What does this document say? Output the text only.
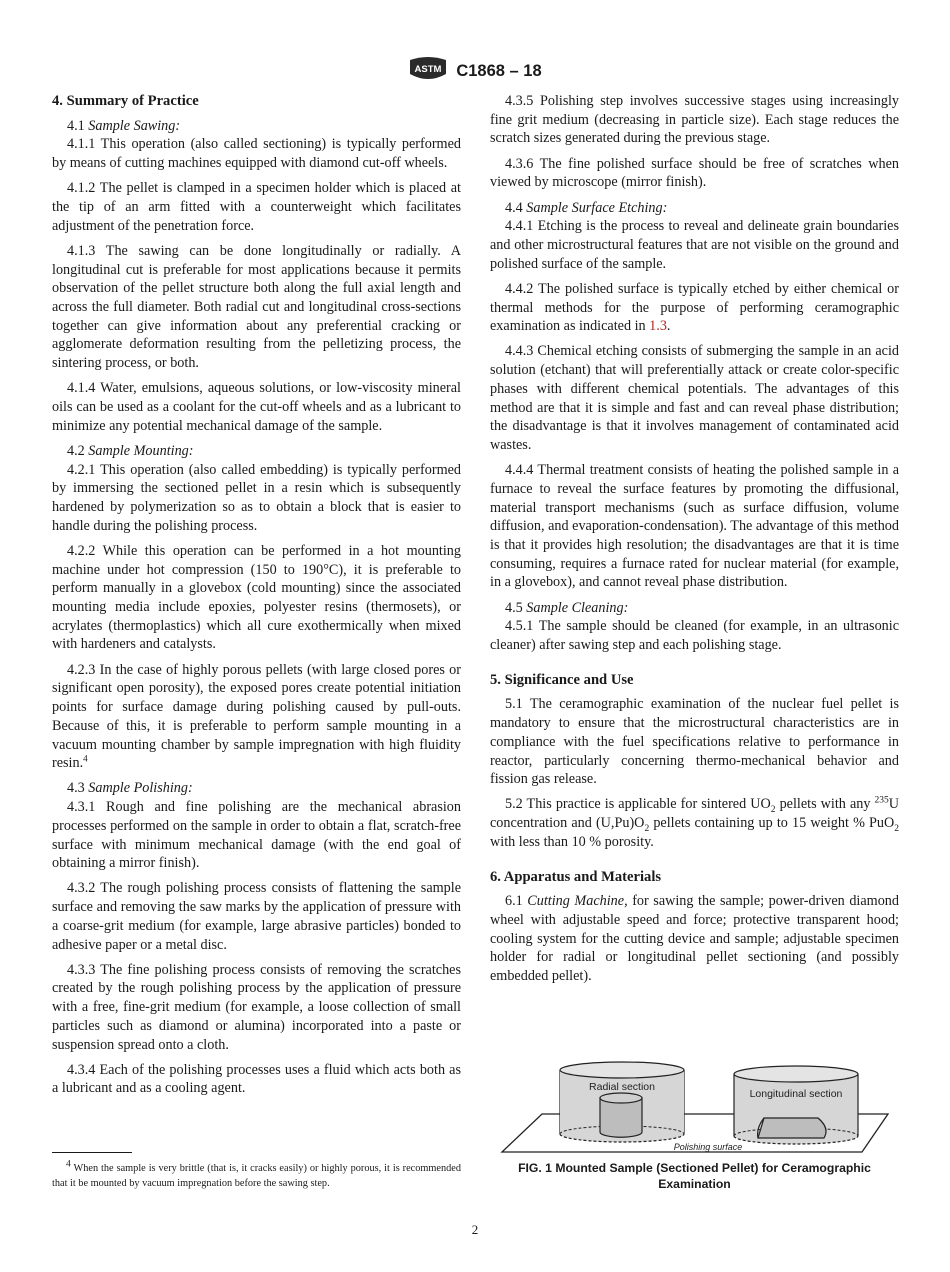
ASTM C1868 – 18
4. Summary of Practice

4.1 Sample Sawing:

4.1.1 This operation (also called sectioning) is typically performed by means of cutting machines equipped with diamond cut-off wheels.

4.1.2 The pellet is clamped in a specimen holder which is placed at the tip of an arm fitted with a counterweight which facilitates adjustment of the penetration force.

4.1.3 The sawing can be done longitudinally or radially. A longitudinal cut is preferable for most applications because it permits observation of the pellet structure both along the full axial length and across the full diameter. Both radial cut and longitudinal cross-sections together can give information about any preferential cracking or agglomerate deformation resulting from the pelletizing process, the sintering process, or both.

4.1.4 Water, emulsions, aqueous solutions, or low-viscosity mineral oils can be used as a coolant for the cut-off wheels and as a lubricant to minimize any potential mechanical damage of the sample.

4.2 Sample Mounting:

4.2.1 This operation (also called embedding) is typically performed by immersing the sectioned pellet in a resin which is subsequently hardened by polymerization so as to obtain a block that is easier to handle during the polishing process.

4.2.2 While this operation can be performed in a hot mounting machine under hot compression (150 to 190°C), it is preferable to perform manually in a glovebox (cold mounting) since the associated mounting media include epoxies, polyester resins (thermosets), or acrylates (thermoplastics) which all cure exothermically when mixed with hardeners and catalysts.

4.2.3 In the case of highly porous pellets (with large closed pores or significant open porosity), the exposed pores create potential initiation points for surface damage during polishing caused by pull-outs. Because of this, it is preferable to perform sample mounting in a vacuum mounting chamber by sample impregnation with high fluidity resin.$^4$

4.3 Sample Polishing:

4.3.1 Rough and fine polishing are the mechanical abrasion processes performed on the sample in order to obtain a flat, scratch-free surface with minimum mechanical damage (with the end goal of obtaining a mirror finish).

4.3.2 The rough polishing process consists of flattening the sample surface and removing the saw marks by the application of pressure with a coarse-grit medium (for example, large abrasive particles) bonded to adhesive paper or a metal disc.

4.3.3 The fine polishing process consists of removing the scratches created by the rough polishing process by the application of pressure with a free, fine-grit medium (for example, a loose collection of small particles such as diamond or alumina) incorporated into a paste or suspension spread onto a cloth.

4.3.4 Each of the polishing processes uses a fluid which acts both as a lubricant and as a cooling agent.

4.3.5 Polishing step involves successive stages using increasingly fine grit medium (decreasing in particle size). Each stage reduces the scratch sizes generated during the previous stage.

4.3.6 The fine polished surface should be free of scratches when viewed by microscope (mirror finish).

4.4 Sample Surface Etching:

4.4.1 Etching is the process to reveal and delineate grain boundaries and other microstructural features that are not visible on the ground and polished surface of the sample.

4.4.2 The polished surface is typically etched by either chemical or thermal methods for the purpose of performing ceramographic examination as indicated in 1.3.

4.4.3 Chemical etching consists of submerging the sample in an acid solution (etchant) that will preferentially attack or create color-specific phases with different chemical potentials. The advantages of this method are that it is simple and fast and can reveal phase distribution; the disadvantage is that it involves management of contaminated acid wastes.

4.4.4 Thermal treatment consists of heating the polished sample in a furnace to reveal the surface features by promoting the diffusional, material transport mechanisms (such as surface diffusion, volume diffusion, and evaporation-condensation). The advantage of this method is that it provides high resolution; the disadvantages are that it is time consuming, requires a furnace rated for nuclear material (for example, in a glovebox), and cannot reveal phase distribution.

4.5 Sample Cleaning:

4.5.1 The sample should be cleaned (for example, in an ultrasonic cleaner) after sawing step and each polishing stage.

5. Significance and Use

5.1 The ceramographic examination of the nuclear fuel pellet is mandatory to ensure that the microstructural characteristics are in compliance with the fuel specifications relative to performance in reactor, particularly concerning thermo-mechanical behavior and fission gas release.

5.2 This practice is applicable for sintered $UO_2$ pellets with any $^{235}$U concentration and $(U,Pu)O_2$ pellets containing up to 15 weight % PuO$_2$ with less than 10 % porosity.

6. Apparatus and Materials

6.1 Cutting Machine, for sawing the sample; power-driven diamond wheel with adjustable speed and force; protective transparent hood; cooling system for the cutting device and sample; adjustable specimen holder for radial or longitudinal pellet sectioning (and possibly embedded pellet).

Radial section
Longitudinal section
Polishing surface
FIG. 1 Mounted Sample (Sectioned Pellet) for Ceramographic Examination
$^4$ When the sample is very brittle (that is, it cracks easily) or highly porous, it is recommended that it be mounted by vacuum impregnation before the sawing step.
2
